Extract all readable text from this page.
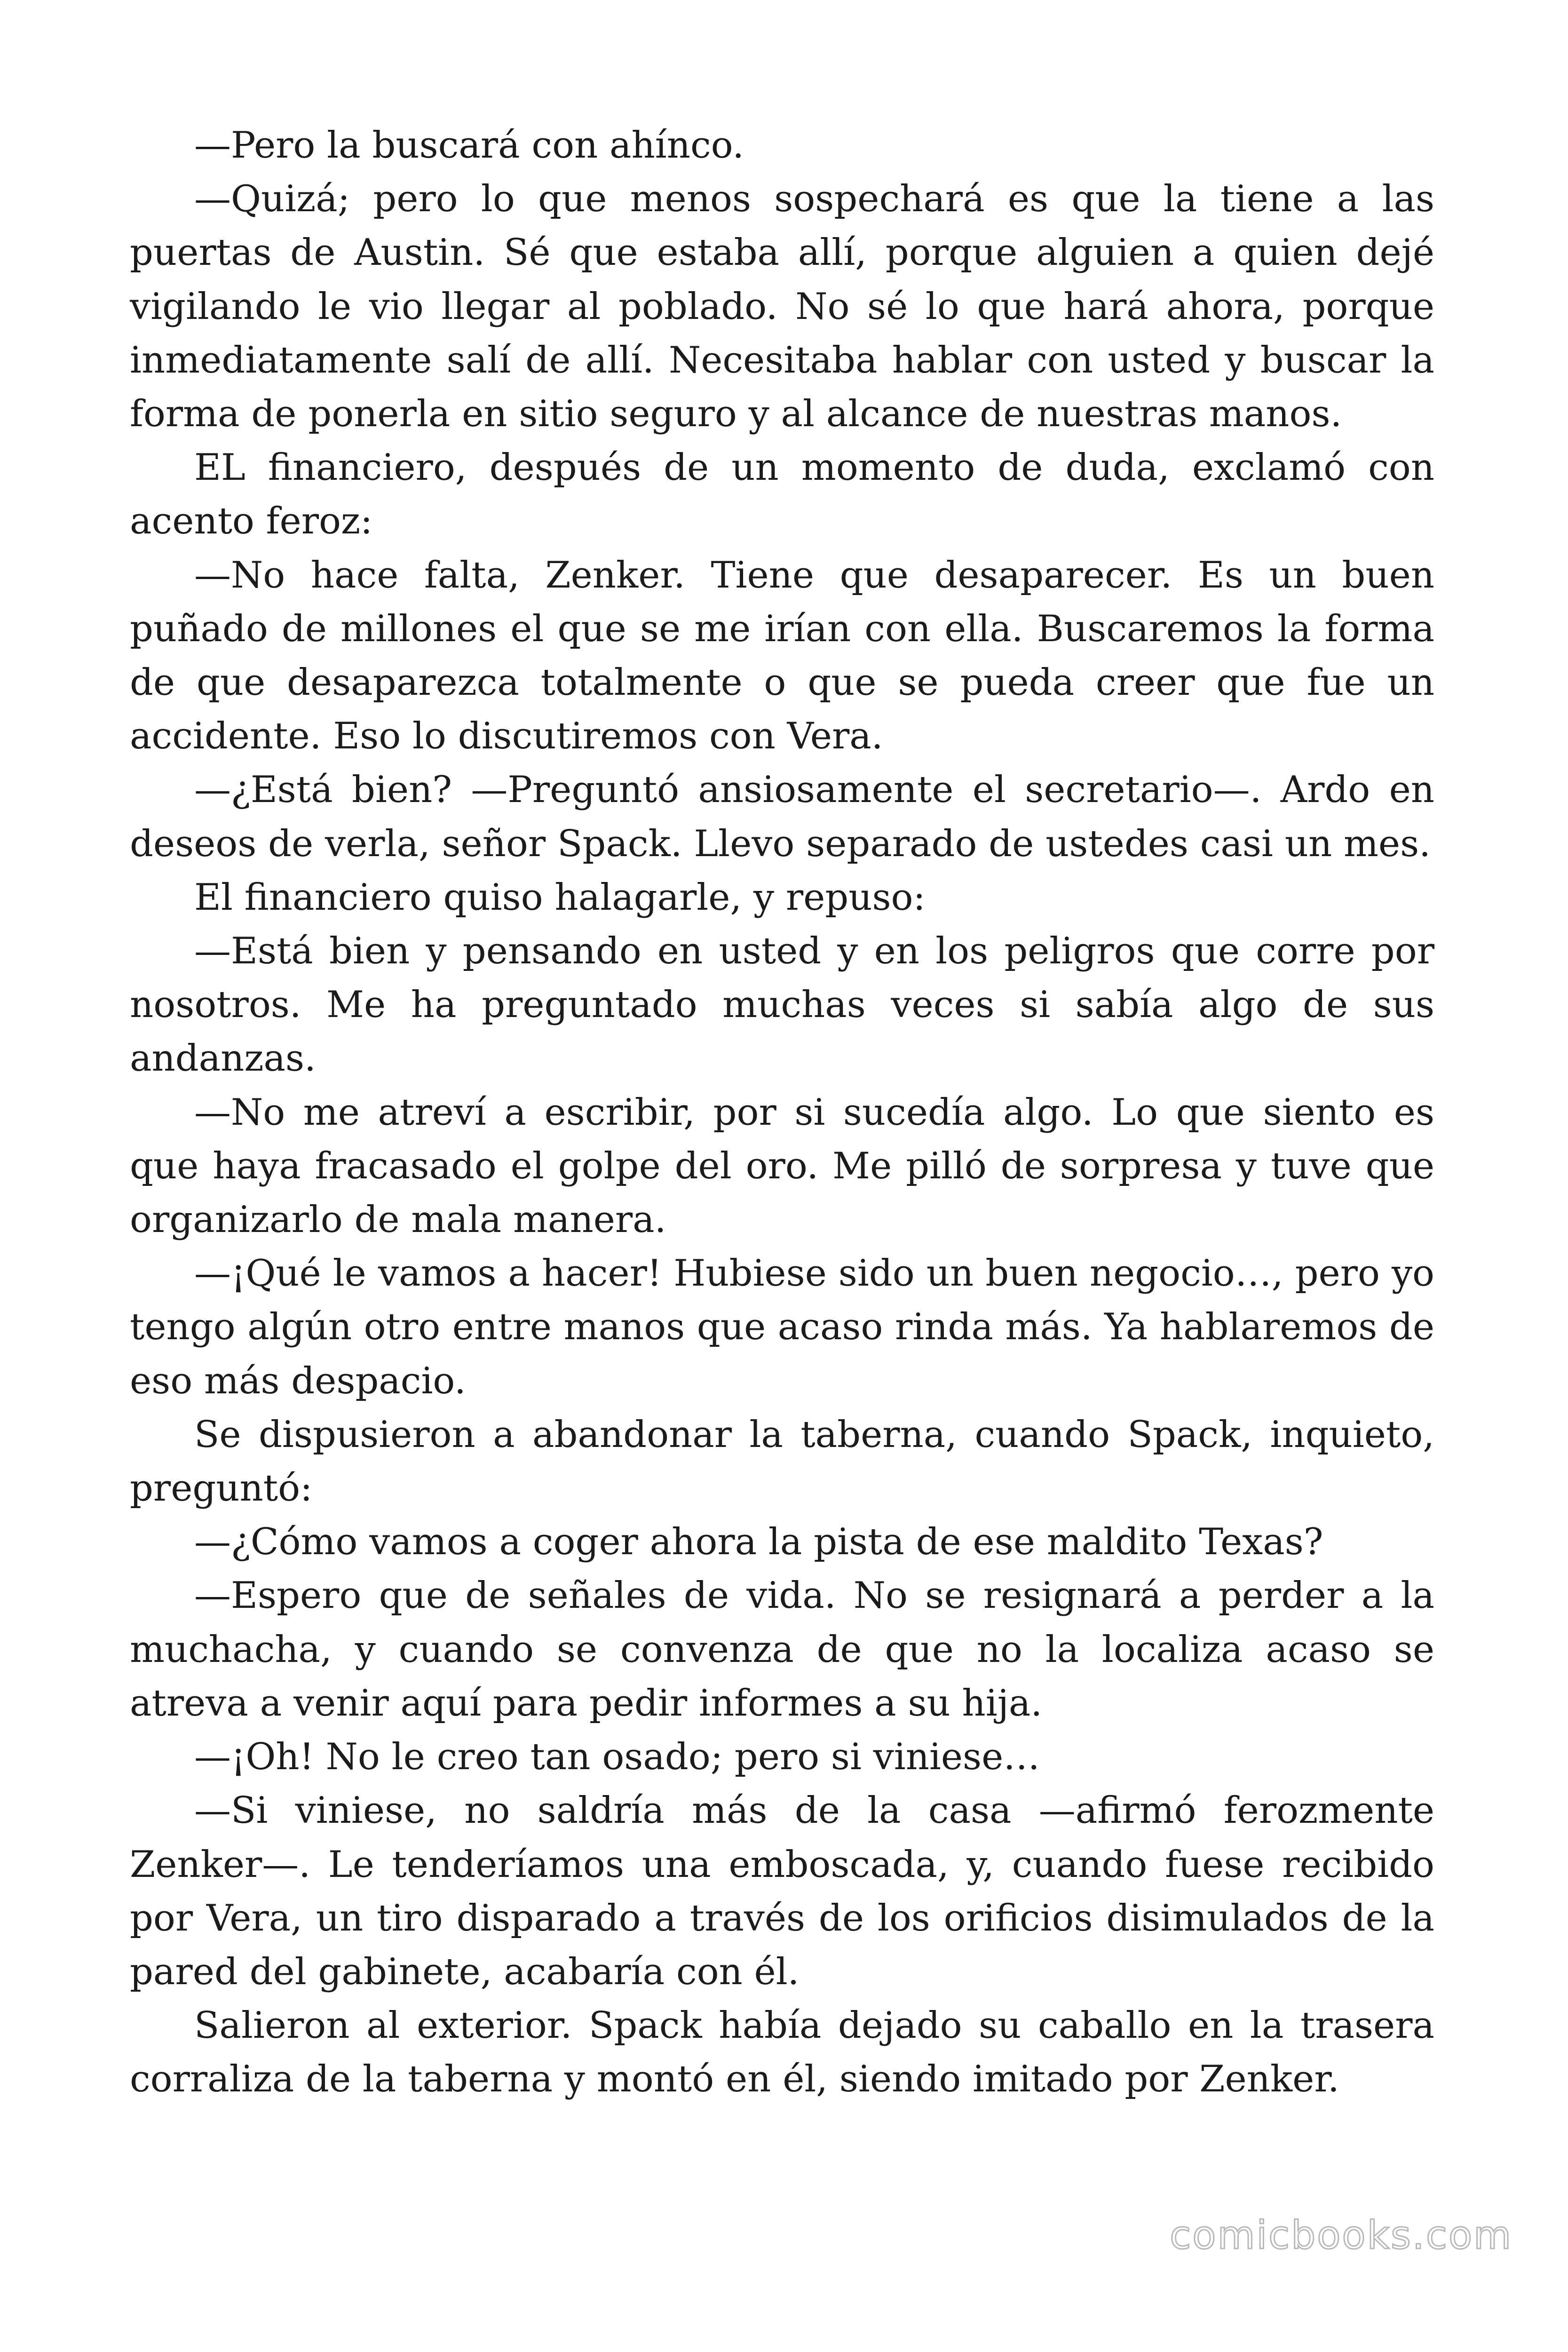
—Pero la buscará con ahínco.

—Quizá; pero lo que menos sospechará es que la tiene a las puertas de Austin. Sé que estaba allí, porque alguien a quien dejé vigilando le vio llegar al poblado. No sé lo que hará ahora, porque inmediatamente salí de allí. Necesitaba hablar con usted y buscar la forma de ponerla en sitio seguro y al alcance de nuestras manos.

EL financiero, después de un momento de duda, exclamó con acento feroz:

—No hace falta, Zenker. Tiene que desaparecer. Es un buen puñado de millones el que se me irían con ella. Buscaremos la forma de que desaparezca totalmente o que se pueda creer que fue un accidente. Eso lo discutiremos con Vera.

—¿Está bien? —Preguntó ansiosamente el secretario—. Ardo en deseos de verla, señor Spack. Llevo separado de ustedes casi un mes.

El financiero quiso halagarle, y repuso:

—Está bien y pensando en usted y en los peligros que corre por nosotros. Me ha preguntado muchas veces si sabía algo de sus andanzas.

—No me atreví a escribir, por si sucedía algo. Lo que siento es que haya fracasado el golpe del oro. Me pilló de sorpresa y tuve que organizarlo de mala manera.

—¡Qué le vamos a hacer! Hubiese sido un buen negocio…, pero yo tengo algún otro entre manos que acaso rinda más. Ya hablaremos de eso más despacio.

Se dispusieron a abandonar la taberna, cuando Spack, inquieto, preguntó:

—¿Cómo vamos a coger ahora la pista de ese maldito Texas?

—Espero que de señales de vida. No se resignará a perder a la muchacha, y cuando se convenza de que no la localiza acaso se atreva a venir aquí para pedir informes a su hija.

—¡Oh! No le creo tan osado; pero si viniese…

—Si viniese, no saldría más de la casa —afirmó ferozmente Zenker—. Le tenderíamos una emboscada, y, cuando fuese recibido por Vera, un tiro disparado a través de los orificios disimulados de la pared del gabinete, acabaría con él.

Salieron al exterior. Spack había dejado su caballo en la trasera corraliza de la taberna y montó en él, siendo imitado por Zenker.

comicbooks.com
